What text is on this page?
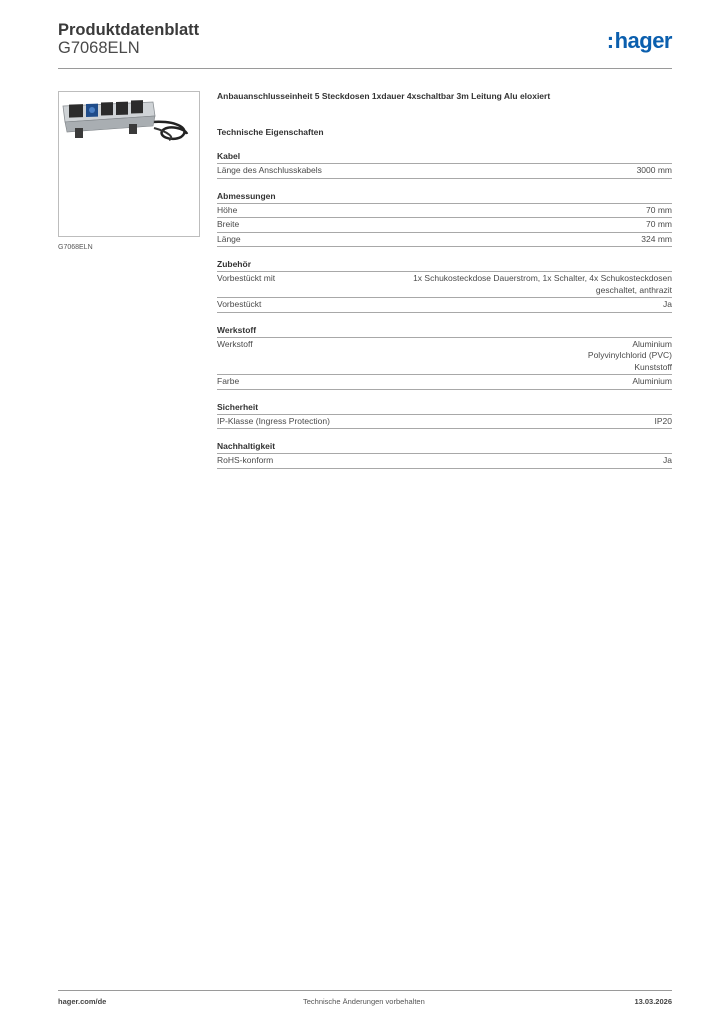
Produktdatenblatt
G7068ELN	:hager
G7068ELN
Anbauanschlusseinheit 5 Steckdosen 1xdauer 4xschaltbar 3m Leitung Alu eloxiert
Technische Eigenschaften
Kabel
Länge des Anschlusskabels	3000 mm
Abmessungen
Höhe	70 mm
Breite	70 mm
Länge	324 mm
Zubehör
Vorbestückt mit	1x Schukosteckdose Dauerstrom, 1x Schalter, 4x Schukosteckdosen
geschaltet, anthrazit
Vorbestückt	Ja
Werkstoff
Werkstoff	Aluminium
Polyvinylchlorid (PVC)
Kunststoff
Farbe	Aluminium
Sicherheit
IP-Klasse (Ingress Protection)	IP20
Nachhaltigkeit
RoHS-konform	Ja
hager.com/de	Technische Änderungen vorbehalten	13.03.2026
